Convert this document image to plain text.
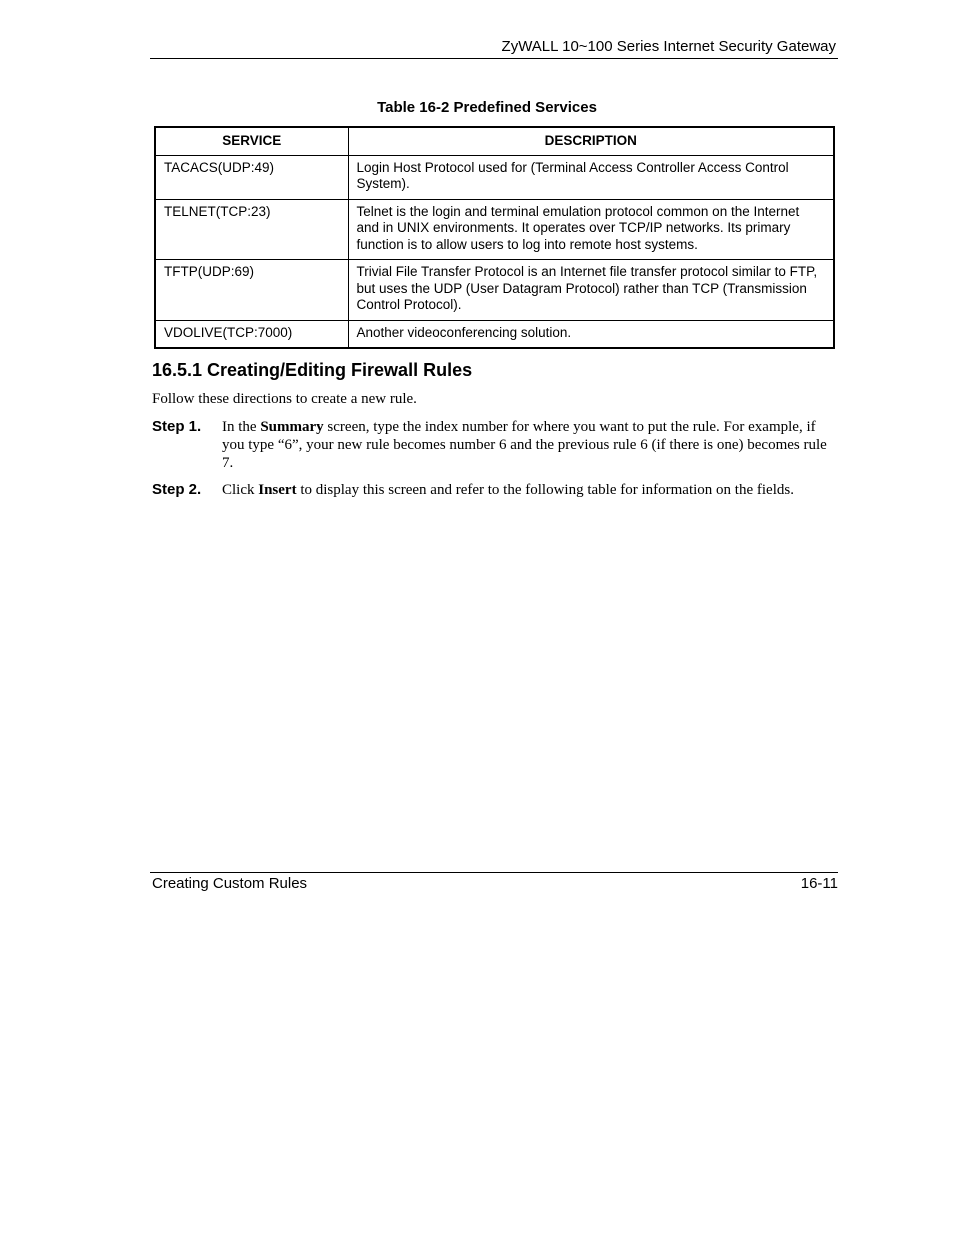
ZyWALL 10~100 Series Internet Security Gateway
Table 16-2 Predefined Services
SERVICE	DESCRIPTION
TACACS(UDP:49)	Login Host Protocol used for (Terminal Access Controller Access Control System).
TELNET(TCP:23)	Telnet is the login and terminal emulation protocol common on the Internet and in UNIX environments. It operates over TCP/IP networks. Its primary function is to allow users to log into remote host systems.
TFTP(UDP:69)	Trivial File Transfer Protocol is an Internet file transfer protocol similar to FTP, but uses the UDP (User Datagram Protocol) rather than TCP (Transmission Control Protocol).
VDOLIVE(TCP:7000)	Another videoconferencing solution.
16.5.1 Creating/Editing Firewall Rules
Follow these directions to create a new rule.
Step 1. In the Summary screen, type the index number for where you want to put the rule. For example, if you type “6”, your new rule becomes number 6 and the previous rule 6 (if there is one) becomes rule 7.
Step 2. Click Insert to display this screen and refer to the following table for information on the fields.
Creating Custom Rules	16-11
